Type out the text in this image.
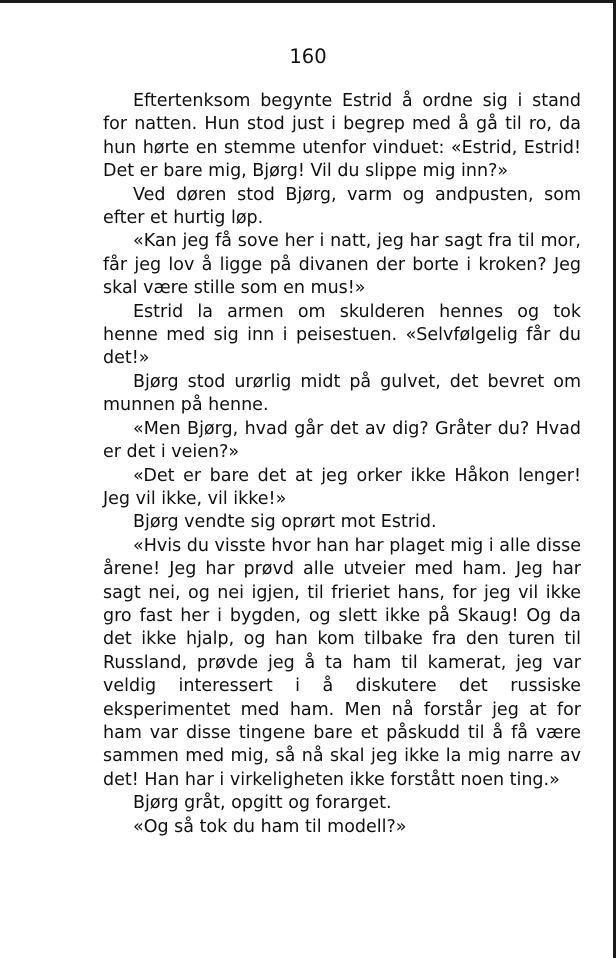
160

Eftertenksom begynte Estrid å ordne sig i stand for natten. Hun stod just i begrep med å gå til ro, da hun hørte en stemme utenfor vinduet: «Estrid, Estrid! Det er bare mig, Bjørg! Vil du slippe mig inn?»

Ved døren stod Bjørg, varm og andpusten, som efter et hurtig løp.

«Kan jeg få sove her i natt, jeg har sagt fra til mor, får jeg lov å ligge på divanen der borte i kroken? Jeg skal være stille som en mus!»

Estrid la armen om skulderen hennes og tok henne med sig inn i peisestuen. «Selvfølgelig får du det!»

Bjørg stod urørlig midt på gulvet, det bevret om munnen på henne.

«Men Bjørg, hvad går det av dig? Gråter du? Hvad er det i veien?»

«Det er bare det at jeg orker ikke Håkon lenger! Jeg vil ikke, vil ikke!»

Bjørg vendte sig oprørt mot Estrid.

«Hvis du visste hvor han har plaget mig i alle disse årene! Jeg har prøvd alle utveier med ham. Jeg har sagt nei, og nei igjen, til frieriet hans, for jeg vil ikke gro fast her i bygden, og slett ikke på Skaug! Og da det ikke hjalp, og han kom tilbake fra den turen til Russland, prøvde jeg å ta ham til kamerat, jeg var veldig interessert i å diskutere det russiske eksperimentet med ham. Men nå forstår jeg at for ham var disse tingene bare et påskudd til å få være sammen med mig, så nå skal jeg ikke la mig narre av det! Han har i virkeligheten ikke forstått noen ting.»

Bjørg gråt, opgitt og forarget.

«Og så tok du ham til modell?»
